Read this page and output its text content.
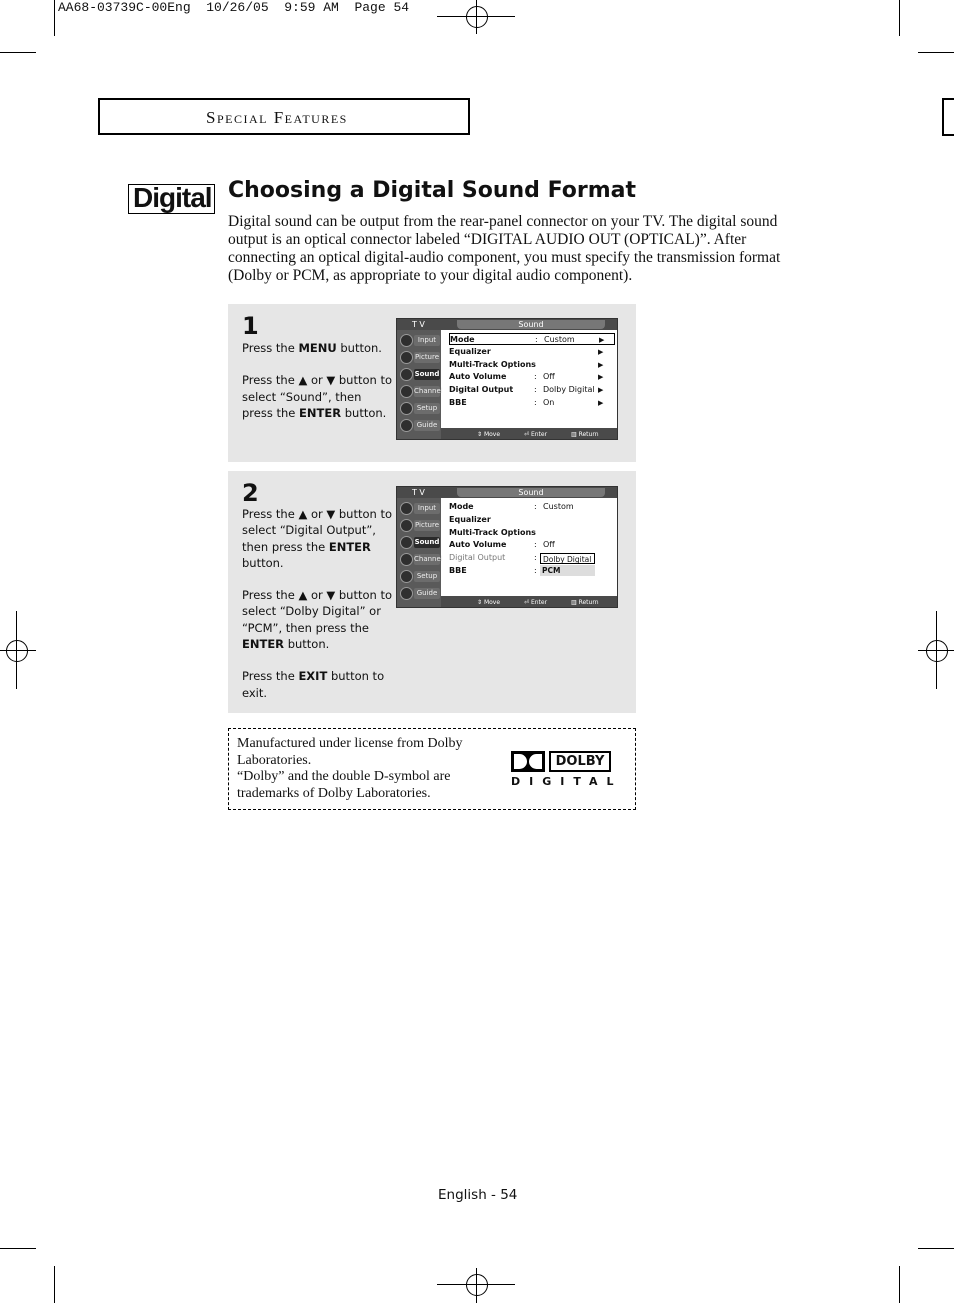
AA68-03739C-00Eng  10/26/05  9:59 AM  Page 54
Special Features
Digital Choosing a Digital Sound Format
Digital sound can be output from the rear-panel connector on your TV. The digital sound output is an optical connector labeled “DIGITAL AUDIO OUT (OPTICAL)”. After connecting an optical digital-audio component, you must specify the transmission format (Dolby or PCM, as appropriate to your digital audio component).
1

Press the MENU button.

Press the ▲ or ▼ button to select “Sound”, then press the ENTER button.

T V	Sound
Input
Picture
Sound
Channel
Setup
Guide
Mode	: Custom	▶
Equalizer	▶
Multi-Track Options	▶
Auto Volume	: Off	▶
Digital Output	: Dolby Digital ▶
BBE	: On	▶
⇕ Move	⏎ Enter	▥ Return
2

Press the ▲ or ▼ button to select “Digital Output”, then press the ENTER button.

Press the ▲ or ▼ button to select “Dolby Digital” or “PCM”, then press the ENTER button.

Press the EXIT button to exit.

T V	Sound
Input
Picture
Sound
Channel
Setup
Guide
Mode	: Custom
Equalizer
Multi-Track Options
Auto Volume	: Off
Digital Output	:
BBE	:
Dolby Digital
PCM
⇕ Move	⏎ Enter	▥ Return
Manufactured under license from Dolby Laboratories.
“Dolby” and the double D-symbol are trademarks of Dolby Laboratories.
DOLBY
DIGITAL
English - 54
